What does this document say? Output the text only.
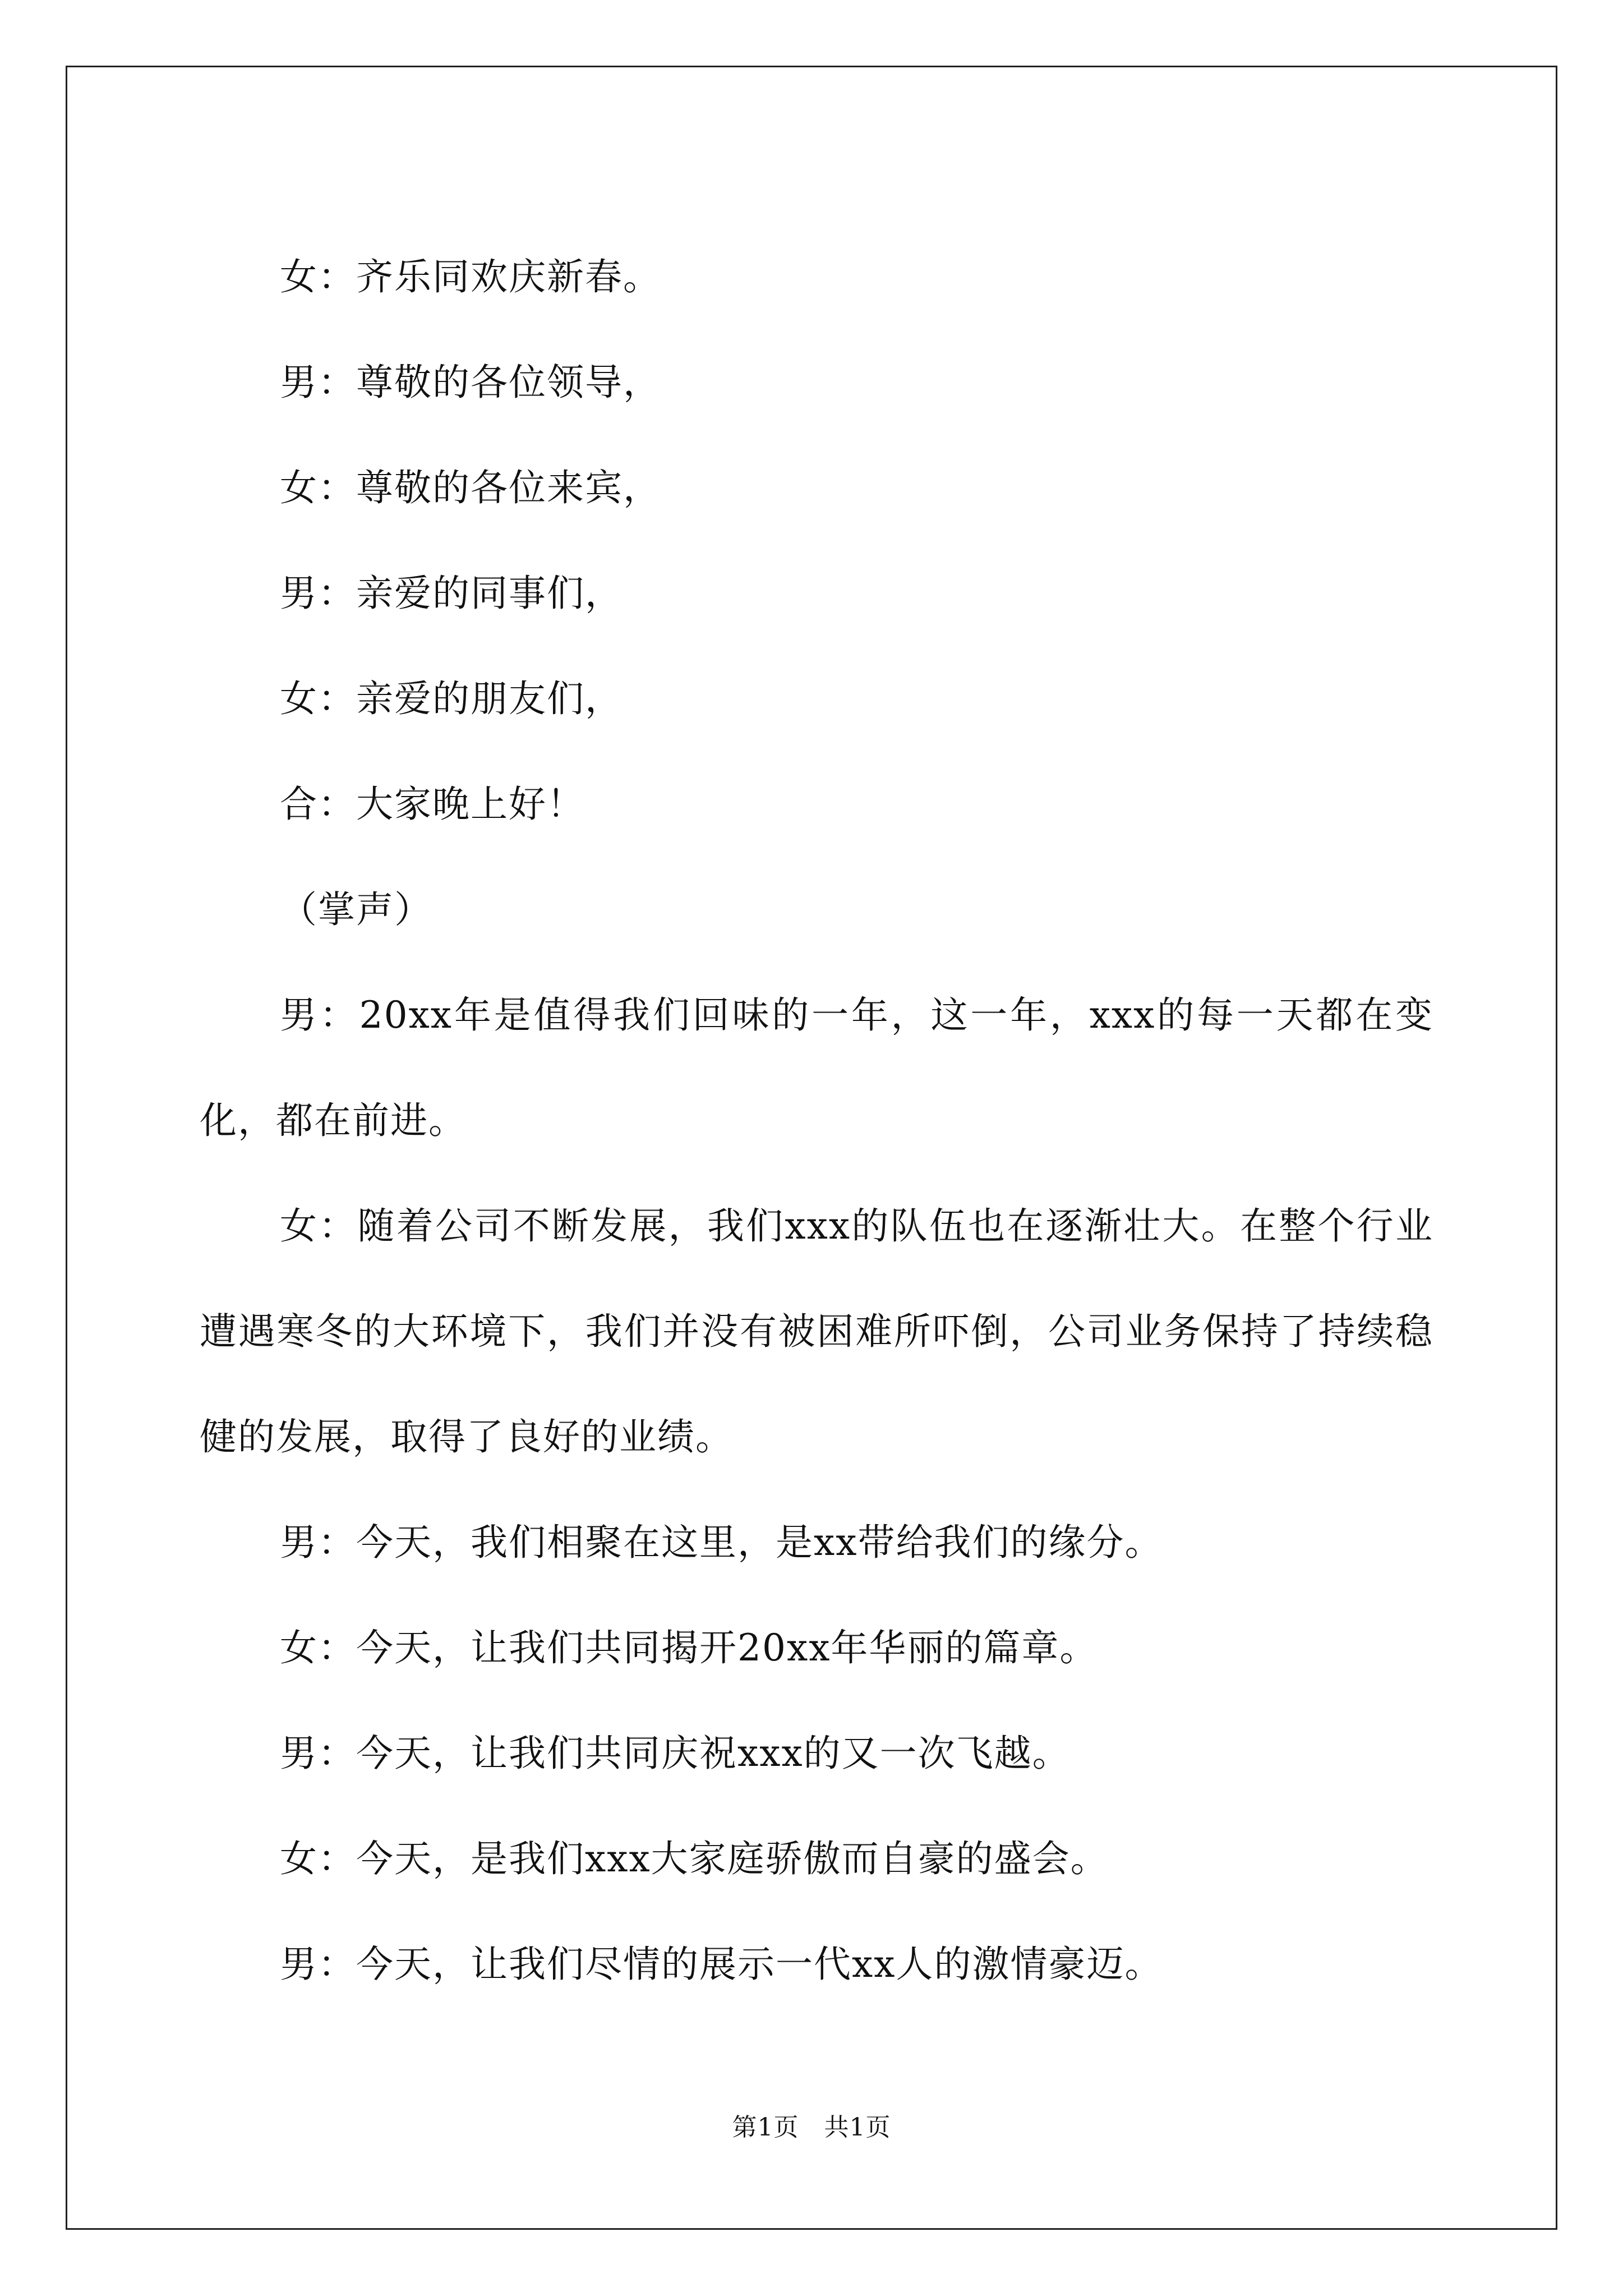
女：齐乐同欢庆新春。

男：尊敬的各位领导，

女：尊敬的各位来宾，

男：亲爱的同事们，

女：亲爱的朋友们，

合：大家晚上好！

（掌声）

男：20xx年是值得我们回味的一年，这一年，xxx的每一天都在变化，都在前进。

女：随着公司不断发展，我们xxx的队伍也在逐渐壮大。在整个行业遭遇寒冬的大环境下，我们并没有被困难所吓倒，公司业务保持了持续稳健的发展，取得了良好的业绩。

男：今天，我们相聚在这里，是xx带给我们的缘分。

女：今天，让我们共同揭开20xx年华丽的篇章。

男：今天，让我们共同庆祝xxx的又一次飞越。

女：今天，是我们xxx大家庭骄傲而自豪的盛会。

男：今天，让我们尽情的展示一代xx人的激情豪迈。

第1页　共1页
